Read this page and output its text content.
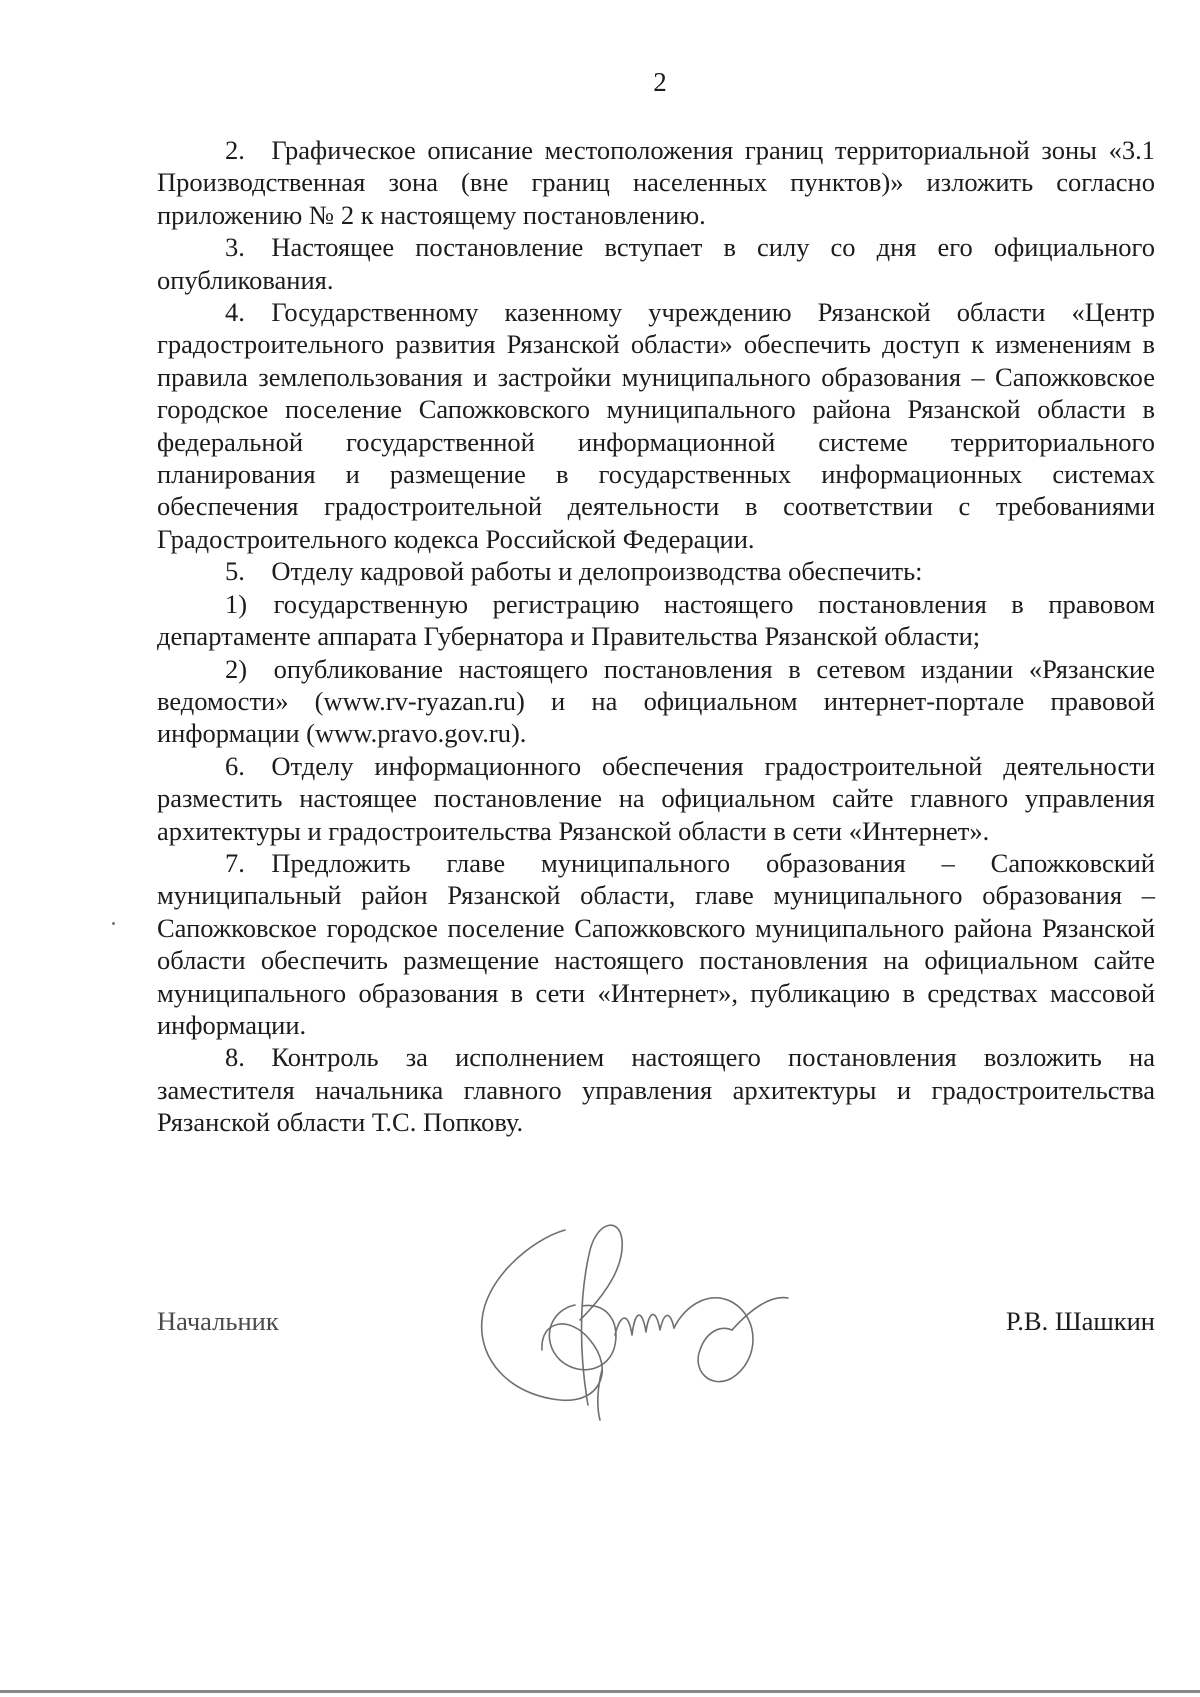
2

2. Графическое описание местоположения границ территориальной зоны «3.1 Производственная зона (вне границ населенных пунктов)» изложить согласно приложению № 2 к настоящему постановлению.

3. Настоящее постановление вступает в силу со дня его официального опубликования.

4. Государственному казенному учреждению Рязанской области «Центр градостроительного развития Рязанской области» обеспечить доступ к изменениям в правила землепользования и застройки муниципального образования – Сапожковское городское поселение Сапожковского муниципального района Рязанской области в федеральной государственной информационной системе территориального планирования и размещение в государственных информационных системах обеспечения градостроительной деятельности в соответствии с требованиями Градостроительного кодекса Российской Федерации.

5. Отделу кадровой работы и делопроизводства обеспечить:

1) государственную регистрацию настоящего постановления в правовом департаменте аппарата Губернатора и Правительства Рязанской области;

2) опубликование настоящего постановления в сетевом издании «Рязанские ведомости» (www.rv-ryazan.ru) и на официальном интернет-портале правовой информации (www.pravo.gov.ru).

6. Отделу информационного обеспечения градостроительной деятельности разместить настоящее постановление на официальном сайте главного управления архитектуры и градостроительства Рязанской области в сети «Интернет».

7. Предложить главе муниципального образования – Сапожковский муниципальный район Рязанской области, главе муниципального образования – Сапожковское городское поселение Сапожковского муниципального района Рязанской области обеспечить размещение настоящего постановления на официальном сайте муниципального образования в сети «Интернет», публикацию в средствах массовой информации.

8. Контроль за исполнением настоящего постановления возложить на заместителя начальника главного управления архитектуры и градостроительства Рязанской области Т.С. Попкову.

Начальник	Р.В. Шашкин
